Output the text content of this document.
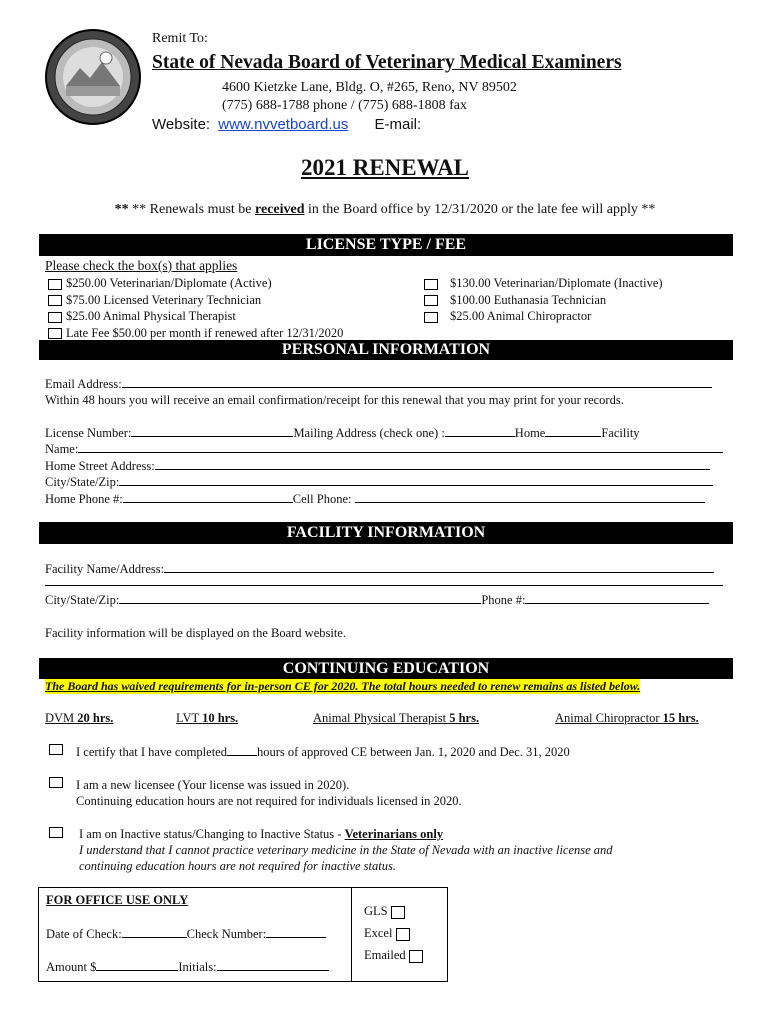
Remit To:
State of Nevada Board of Veterinary Medical Examiners
4600 Kietzke Lane, Bldg. O, #265, Reno, NV 89502
(775) 688-1788 phone / (775) 688-1808 fax
Website: www.nvvetboard.us E-mail:
2021 RENEWAL
** ** Renewals must be received in the Board office by 12/31/2020 or the late fee will apply **
LICENSE TYPE / FEE
Please check the box(s) that applies
$250.00 Veterinarian/Diplomate (Active)
$75.00 Licensed Veterinary Technician
$25.00 Animal Physical Therapist
Late Fee $50.00 per month if renewed after 12/31/2020
$130.00 Veterinarian/Diplomate (Inactive)
$100.00 Euthanasia Technician
$25.00 Animal Chiropractor
PERSONAL INFORMATION
Email Address:
Within 48 hours you will receive an email confirmation/receipt for this renewal that you may print for your records.
License Number:	Mailing Address (check one) :	Home	Facility
Name:
Home Street Address:
City/State/Zip:
Home Phone #:	Cell Phone:
FACILITY INFORMATION
Facility Name/Address:
City/State/Zip:	Phone #:
Facility information will be displayed on the Board website.
CONTINUING EDUCATION
The Board has waived requirements for in-person CE for 2020. The total hours needed to renew remains as listed below.
DVM 20 hrs.	LVT 10 hrs.	Animal Physical Therapist 5 hrs.	Animal Chiropractor 15 hrs.
I certify that I have completed hours of approved CE between Jan. 1, 2020 and Dec. 31, 2020
I am a new licensee (Your license was issued in 2020).
Continuing education hours are not required for individuals licensed in 2020.
I am on Inactive status/Changing to Inactive Status - Veterinarians only
I understand that I cannot practice veterinary medicine in the State of Nevada with an inactive license and
continuing education hours are not required for inactive status.
FOR OFFICE USE ONLY
Date of Check:	Check Number:
Amount $	Initials:
GLS
Excel
Emailed
